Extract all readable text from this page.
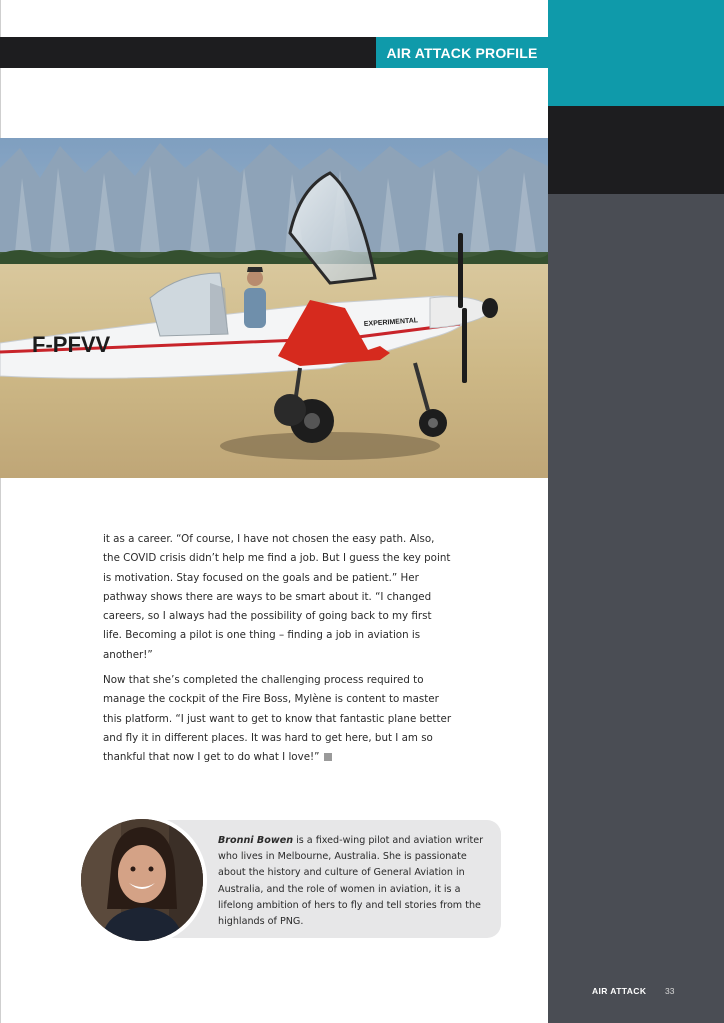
AIR ATTACK PROFILE
F-PFVV
EXPERIMENTAL

it as a career. “Of course, I have not chosen the easy path. Also, the COVID crisis didn’t help me find a job. But I guess the key point is motivation. Stay focused on the goals and be patient.” Her pathway shows there are ways to be smart about it. “I changed careers, so I always had the possibility of going back to my first life. Becoming a pilot is one thing – finding a job in aviation is another!”

Now that she’s completed the challenging process required to manage the cockpit of the Fire Boss, Mylène is content to master this platform. “I just want to get to know that fantastic plane better and fly it in different places. It was hard to get here, but I am so thankful that now I get to do what I love!”

Bronni Bowen is a fixed-wing pilot and aviation writer who lives in Melbourne, Australia. She is passionate about the history and culture of General Aviation in Australia, and the role of women in aviation, it is a lifelong ambition of hers to fly and tell stories from the highlands of PNG.
AIR ATTACK 33
